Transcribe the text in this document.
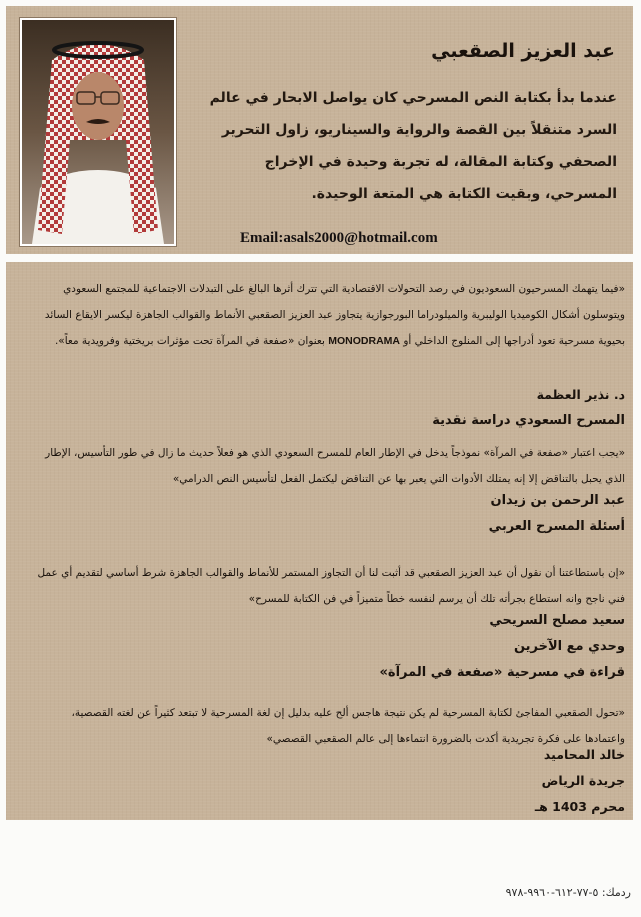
عبد العزيز الصقعبي
عندما بدأ بكتابة النص المسرحي كان يواصل الابحار في عالم السرد متنقلاً بين القصة والرواية والسيناريو، زاول التحرير الصحفي وكتابة المقالة، له تجربة وحيدة في الإخراج المسرحي، وبقيت الكتابة هي المتعة الوحيدة.
Email:asals2000@hotmail.com

«فيما يتهمك المسرحيون السعوديون في رصد التحولات الاقتصادية التي تترك أثرها البالغ على التبدلات الاجتماعية للمجتمع السعودي ويتوسلون أشكال الكوميديا الوليبرية والميلودراما البورجوازية يتجاوز عبد العزيز الصقعبي الأنماط والقوالب الجاهزة ليكسر الايقاع السائد بحيوية مسرحية تعود أدراجها إلى المنلوج الداخلي أو MONODRAMA بعنوان «صفعة في المرآة تحت مؤثرات بريختية وفرويدية معاً».

د. نذير العظمة
المسرح السعودي دراسة نقدية

«يجب اعتبار «صفعة في المرآة» نموذجاً يدخل في الإطار العام للمسرح السعودي الذي هو فعلاً حديث ما زال في طور التأسيس، الإطار الذي يحبل بالتناقض إلا إنه يمتلك الأدوات التي يعبر بها عن التناقض ليكتمل الفعل لتأسيس النص الدرامي»

عبد الرحمن بن زيدان
أسئلة المسرح العربي

«إن باستطاعتنا أن نقول أن عبد العزيز الصقعبي قد أثبت لنا أن التجاوز المستمر للأنماط والقوالب الجاهزة شرط أساسي لتقديم أي عمل فني ناجح وانه استطاع بجرأته تلك أن يرسم لنفسه خطاً متميزاً في فن الكتابة للمسرح»

سعيد مصلح السريحي
وحدي مع الآخرين
قراءة في مسرحية «صفعة في المرآة»

«تحول الصقعبي المفاجئ لكتابة المسرحية لم يكن نتيجة هاجس ألح عليه بدليل إن لغة المسرحية لا تبتعد كثيراً عن لغته القصصية، واعتمادها على فكرة تجريدية أكدت بالضرورة انتماءها إلى عالم الصقعبي القصصي»

خالد المحاميد
جريدة الرياض
محرم 1403 هـ
ردمك: ٥-٧٧-٦١٢-٩٩٦٠-٩٧٨
